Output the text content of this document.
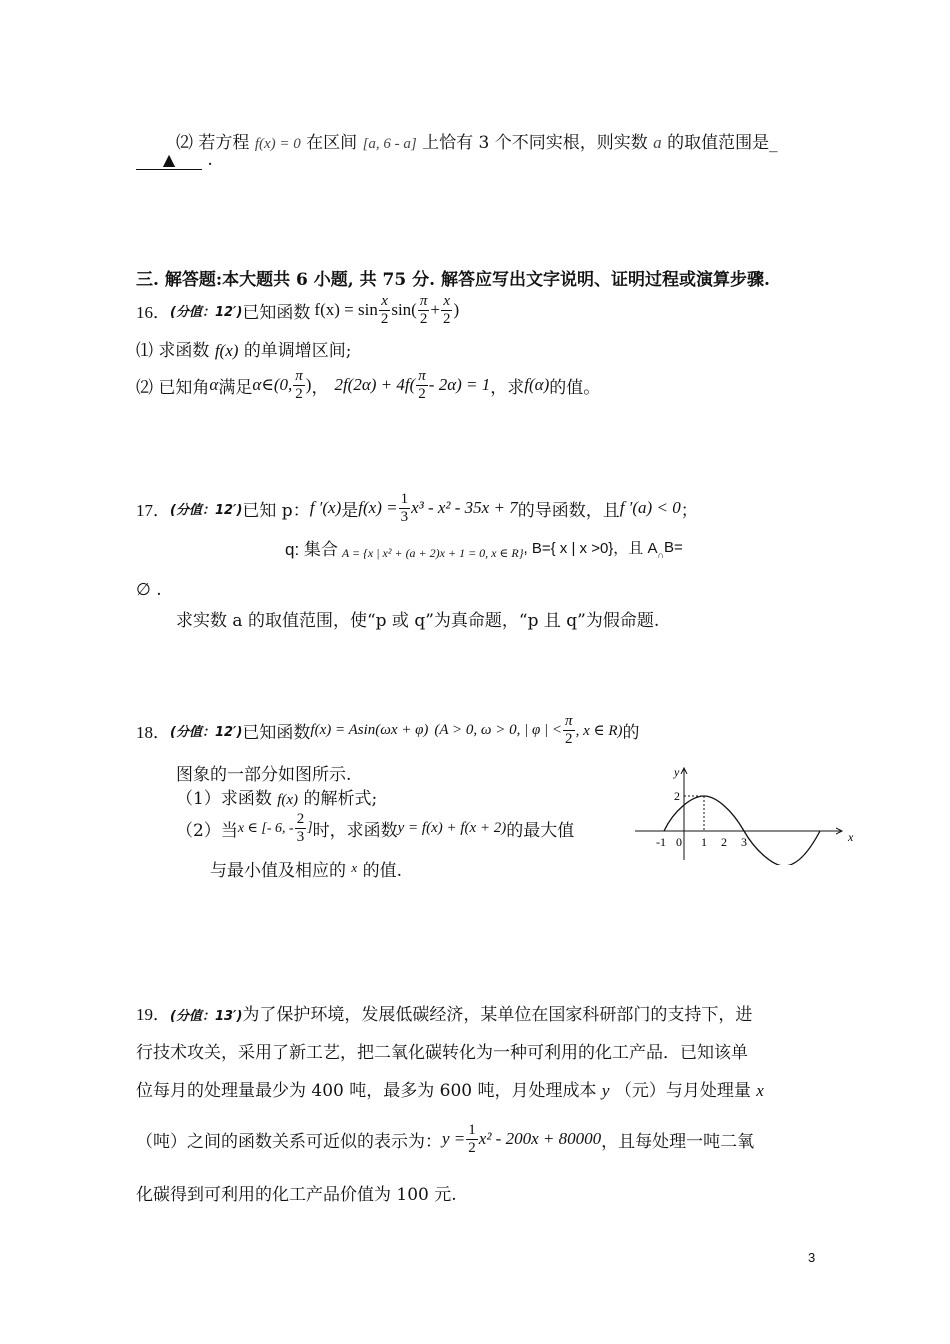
⑵ 若方程 f(x) = 0 在区间 [a, 6 - a] 上恰有 3 个不同实根，则实数 a 的取值范围是_
▲ .
三. 解答题:本大题共 6 小题, 共 75 分. 解答应写出文字说明、证明过程或演算步骤.
16． (分值：12′) 已知函数 $f(x) = \sin \frac{x}{2} \sin( \frac{\pi}{2} + \frac{x}{2}$ )
⑴ 求函数 f(x) 的单调增区间;
⑵ 已知角 α 满足 α∈(0, $\frac{\pi}{2}$ ) ， $2f(2\alpha) + 4f( \frac{\pi}{2} - 2\alpha) = 1$ ，求 f(α) 的值。
17． (分值：12′) 已知 p： f ′(x) 是 $f(x) = \frac{1}{3} x^3 - x^2 - 35x + 7$ 的导函数，且 f ′(a) < 0 ；
q: 集合 A = {x | x² + (a + 2)x + 1 = 0, x ∈ R} , B={ x | x >0}，且 A ∩ B=
∅ .
求实数 a 的取值范围，使“p 或 q”为真命题，“p 且 q”为假命题.
18． (分值：12′) 已知函数 f(x) = Asin(ωx + φ) (A > 0, ω > 0, | φ | < $\frac{\pi}{2}$ , x ∈ R) 的
图象的一部分如图所示.
（1）求函数 f(x) 的解析式;
（2）当 x ∈ [- 6, - $\frac{2}{3}$ ] 时，求函数 y = f(x) + f(x + 2) 的最大值
与最小值及相应的 $^x$ 的值.
y
x
2
-1 0 1 2 3
19．(分值：13′)为了保护环境，发展低碳经济，某单位在国家科研部门的支持下，进
行技术攻关，采用了新工艺，把二氧化碳转化为一种可利用的化工产品．已知该单
位每月的处理量最少为 400 吨，最多为 600 吨，月处理成本 y （元）与月处理量 x
（吨）之间的函数关系可近似的表示为： $y = \frac{1}{2} x^2 - 200x + 80000$ ，且每处理一吨二氧
化碳得到可利用的化工产品价值为 100 元.
3
